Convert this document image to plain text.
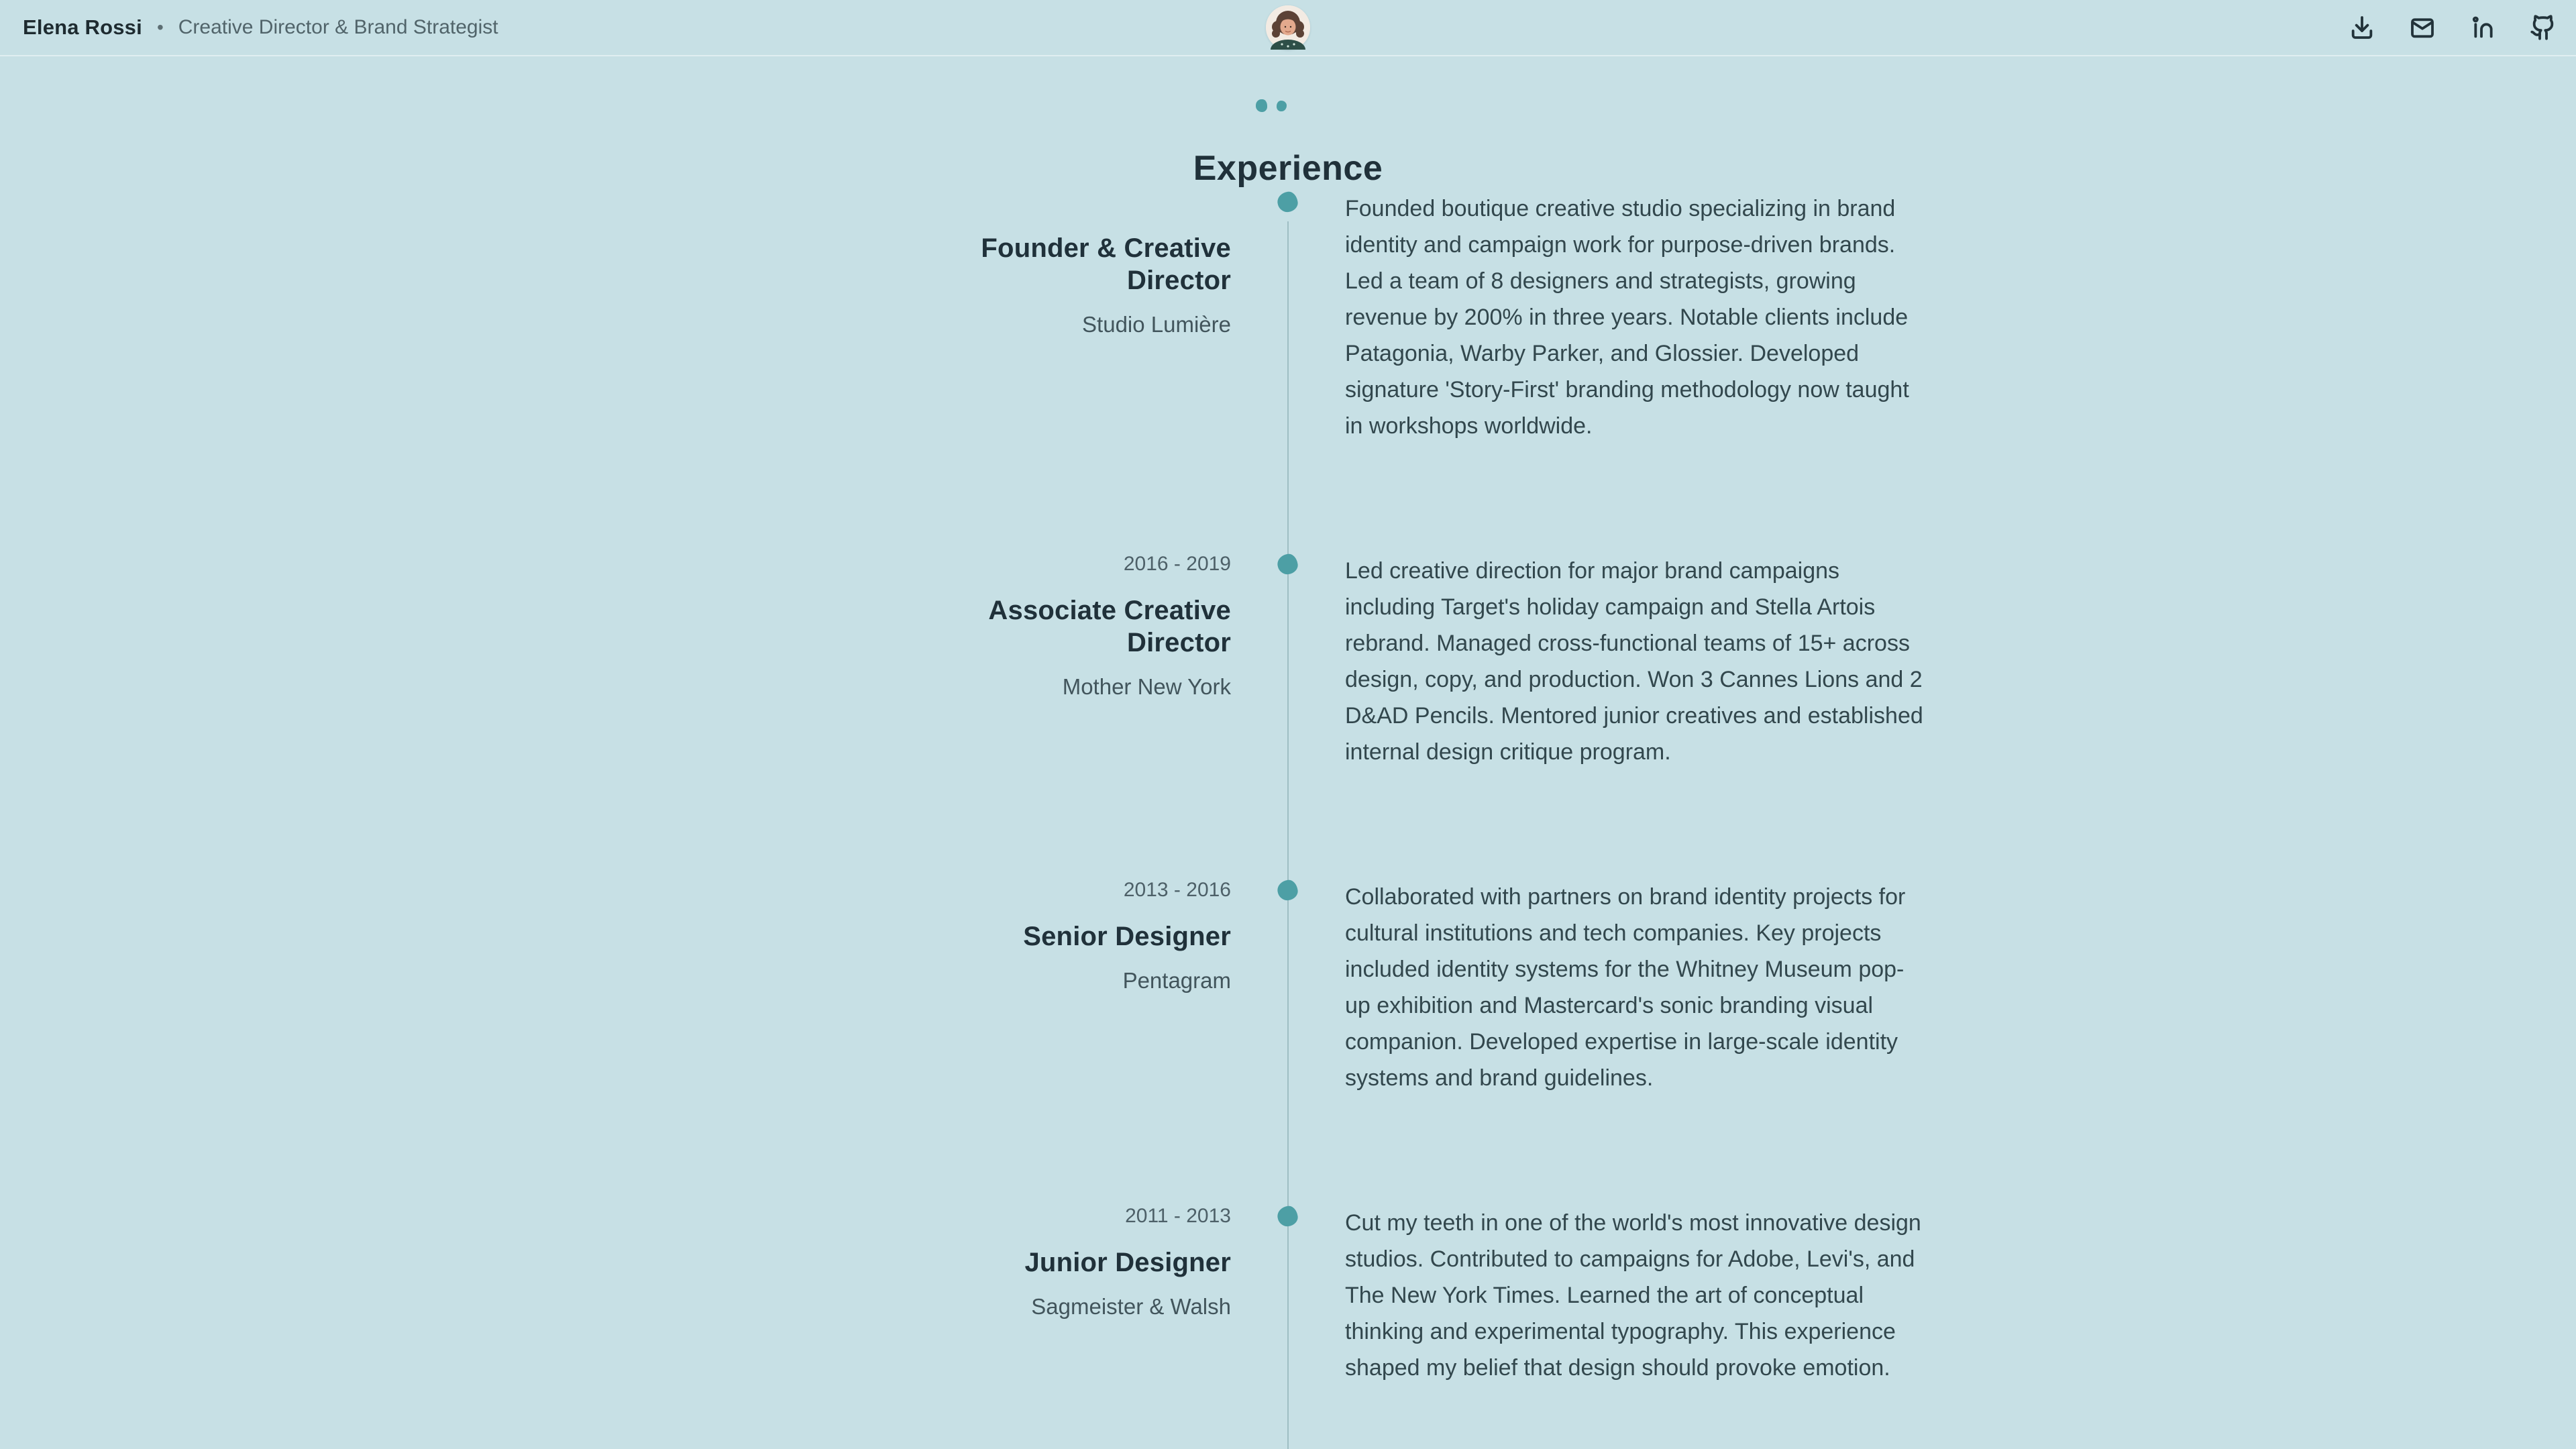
Elena Rossi • Creative Director & Brand Strategist
Experience
Founder & Creative Director
Studio Lumière
Founded boutique creative studio specializing in brand
identity and campaign work for purpose-driven brands. Led a team of 8 designers and strategists, growing revenue by 200% in three years. Notable clients include Patagonia, Warby Parker, and Glossier. Developed signature 'Story-First' branding methodology now taught in workshops worldwide.
2016 - 2019
Associate Creative Director
Mother New York
Led creative direction for major brand campaigns including Target's holiday campaign and Stella Artois rebrand. Managed cross-functional teams of 15+ across design, copy, and production. Won 3 Cannes Lions and 2 D&AD Pencils. Mentored junior creatives and established internal design critique program.
2013 - 2016
Senior Designer
Pentagram
Collaborated with partners on brand identity projects for cultural institutions and tech companies. Key projects included identity systems for the Whitney Museum pop-up exhibition and Mastercard's sonic branding visual companion. Developed expertise in large-scale identity systems and brand guidelines.
2011 - 2013
Junior Designer
Sagmeister & Walsh
Cut my teeth in one of the world's most innovative design studios. Contributed to campaigns for Adobe, Levi's, and The New York Times. Learned the art of conceptual thinking and experimental typography. This experience shaped my belief that design should provoke emotion.
